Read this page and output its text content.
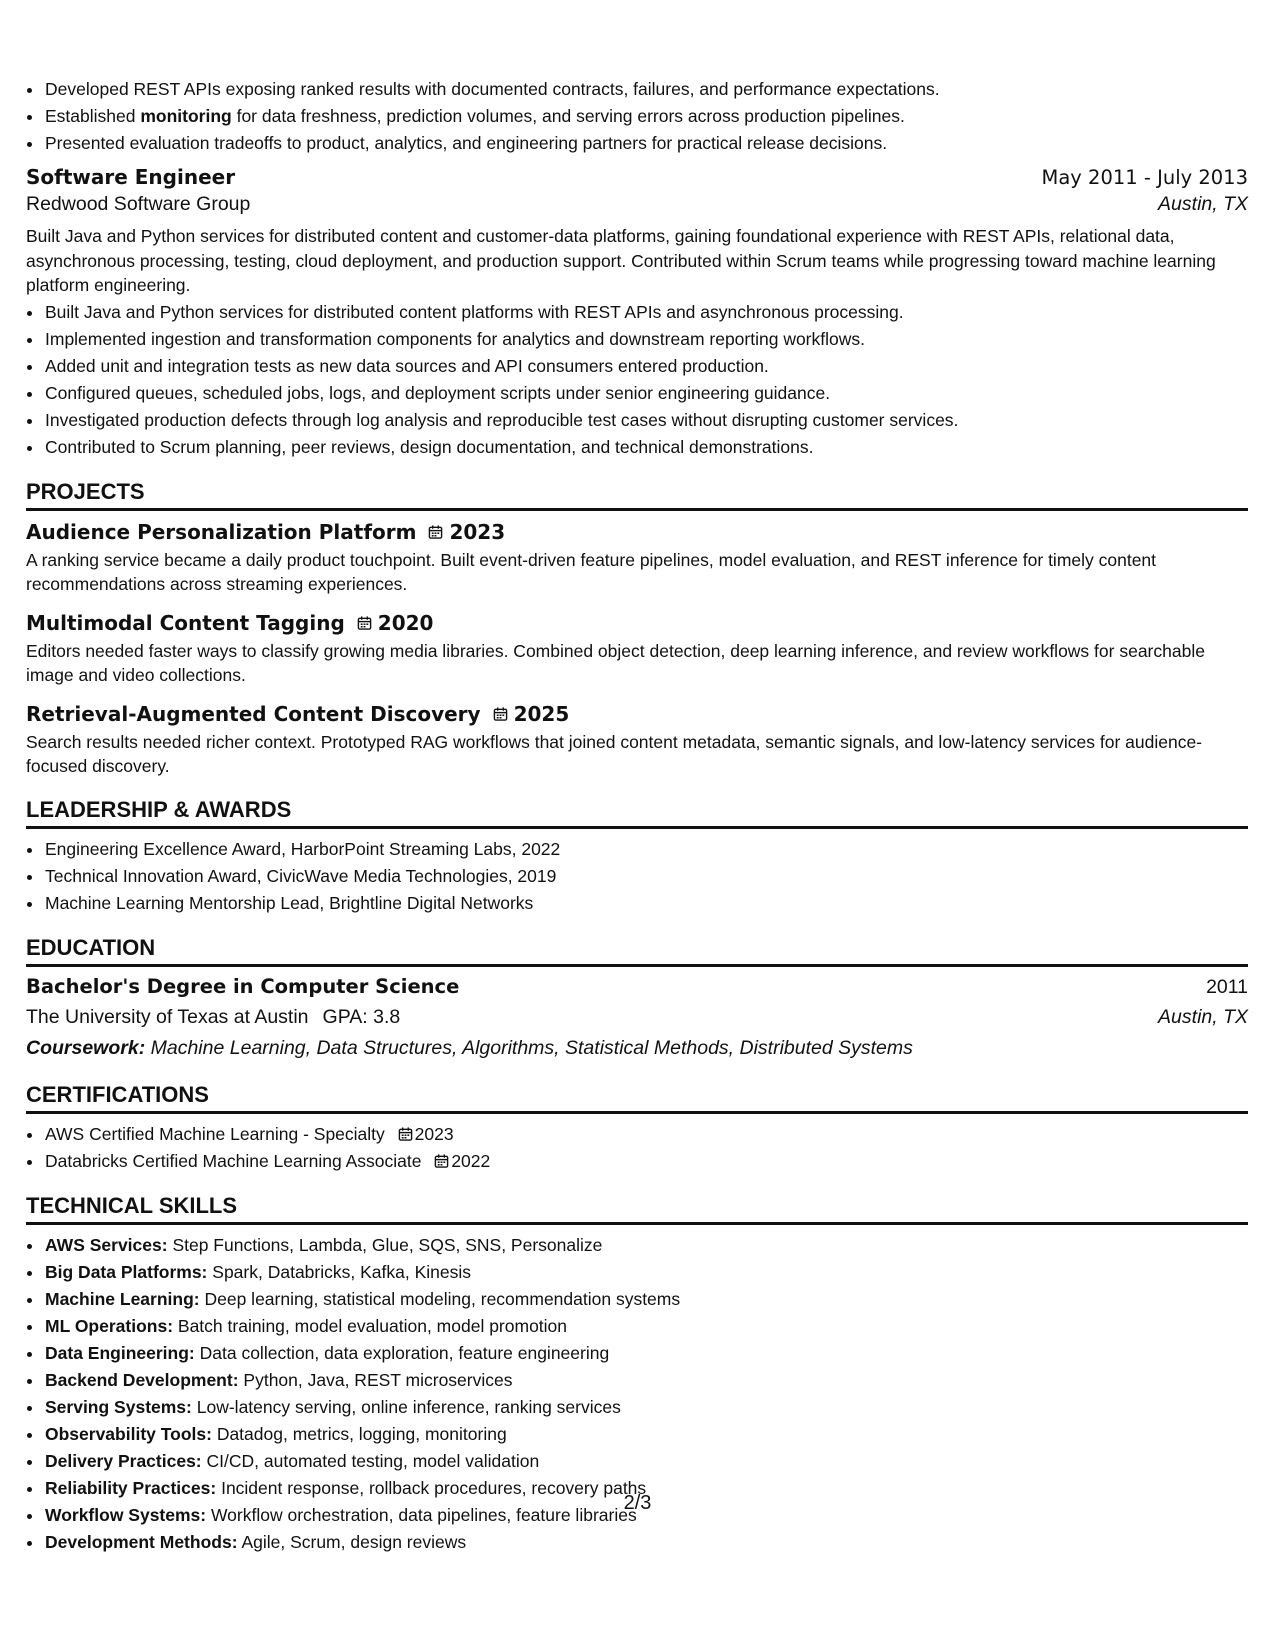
• Developed REST APIs exposing ranked results with documented contracts, failures, and performance expectations.
• Established monitoring for data freshness, prediction volumes, and serving errors across production pipelines.
• Presented evaluation tradeoffs to product, analytics, and engineering partners for practical release decisions.
Software Engineer	May 2011 - July 2013
Redwood Software Group	Austin, TX
Built Java and Python services for distributed content and customer-data platforms, gaining foundational experience with REST APIs, relational data, asynchronous processing, testing, cloud deployment, and production support. Contributed within Scrum teams while progressing toward machine learning platform engineering.
• Built Java and Python services for distributed content platforms with REST APIs and asynchronous processing.
• Implemented ingestion and transformation components for analytics and downstream reporting workflows.
• Added unit and integration tests as new data sources and API consumers entered production.
• Configured queues, scheduled jobs, logs, and deployment scripts under senior engineering guidance.
• Investigated production defects through log analysis and reproducible test cases without disrupting customer services.
• Contributed to Scrum planning, peer reviews, design documentation, and technical demonstrations.
PROJECTS
Audience Personalization Platform 2023
A ranking service became a daily product touchpoint. Built event-driven feature pipelines, model evaluation, and REST inference for timely content recommendations across streaming experiences.
Multimodal Content Tagging 2020
Editors needed faster ways to classify growing media libraries. Combined object detection, deep learning inference, and review workflows for searchable image and video collections.
Retrieval-Augmented Content Discovery 2025
Search results needed richer context. Prototyped RAG workflows that joined content metadata, semantic signals, and low-latency services for audience-focused discovery.
LEADERSHIP & AWARDS
• Engineering Excellence Award, HarborPoint Streaming Labs, 2022
• Technical Innovation Award, CivicWave Media Technologies, 2019
• Machine Learning Mentorship Lead, Brightline Digital Networks
EDUCATION
Bachelor's Degree in Computer Science	2011
The University of Texas at Austin GPA: 3.8	Austin, TX
Coursework: Machine Learning, Data Structures, Algorithms, Statistical Methods, Distributed Systems
CERTIFICATIONS
• AWS Certified Machine Learning - Specialty 2023
• Databricks Certified Machine Learning Associate 2022
TECHNICAL SKILLS
• AWS Services: Step Functions, Lambda, Glue, SQS, SNS, Personalize
• Big Data Platforms: Spark, Databricks, Kafka, Kinesis
• Machine Learning: Deep learning, statistical modeling, recommendation systems
• ML Operations: Batch training, model evaluation, model promotion
• Data Engineering: Data collection, data exploration, feature engineering
• Backend Development: Python, Java, REST microservices
• Serving Systems: Low-latency serving, online inference, ranking services
• Observability Tools: Datadog, metrics, logging, monitoring
• Delivery Practices: CI/CD, automated testing, model validation
• Reliability Practices: Incident response, rollback procedures, recovery paths
• Workflow Systems: Workflow orchestration, data pipelines, feature libraries
• Development Methods: Agile, Scrum, design reviews
2/3
